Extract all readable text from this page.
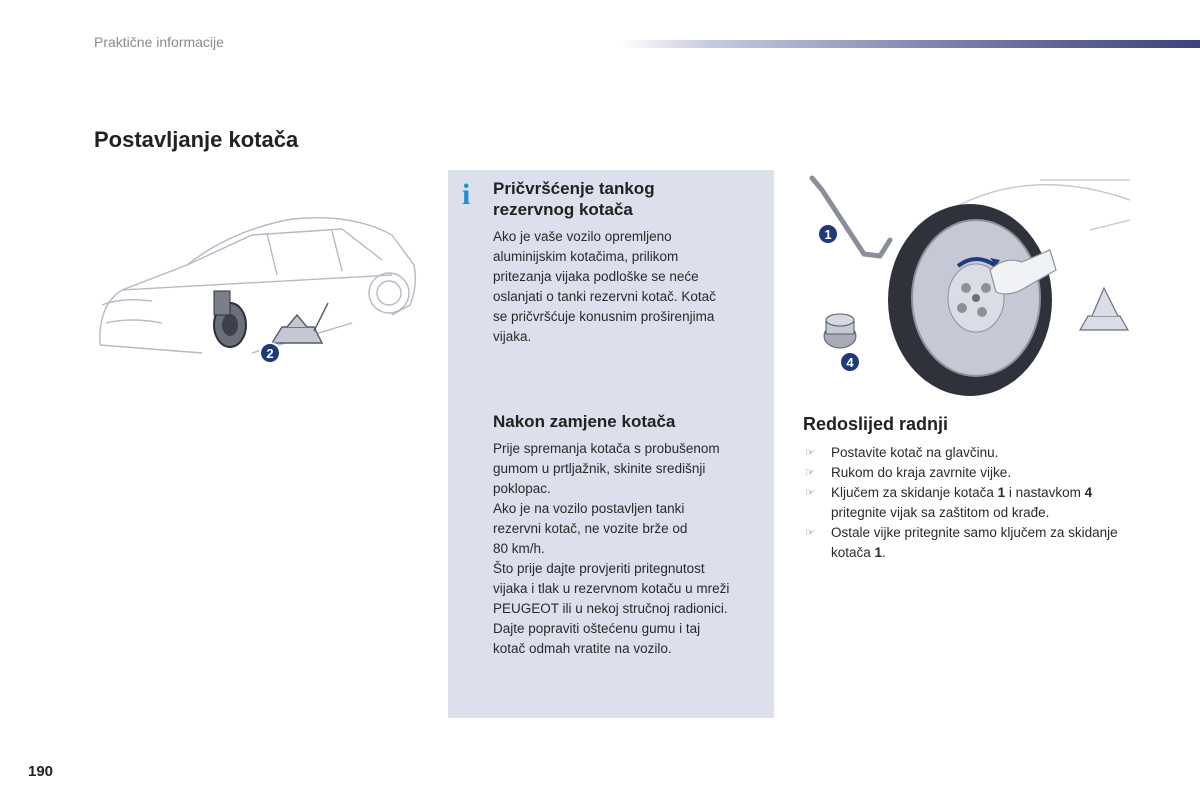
Praktične informacije
Postavljanje kotača
2
i Pričvršćenje tankog
rezervnog kotača

Ako je vaše vozilo opremljeno

aluminijskim kotačima, prilikom

pritezanja vijaka podloške se neće

oslanjati o tanki rezervni kotač. Kotač

se pričvršćuje konusnim proširenjima

vijaka.

Nakon zamjene kotača

Prije spremanja kotača s probušenom

gumom u prtljažnik, skinite središnji

poklopac.

Ako je na vozilo postavljen tanki

rezervni kotač, ne vozite brže od

80 km/h.

Što prije dajte provjeriti pritegnutost

vijaka i tlak u rezervnom kotaču u mreži

PEUGEOT ili u nekoj stručnoj radionici.

Dajte popraviti oštećenu gumu i taj

kotač odmah vratite na vozilo.

1
4
Redoslijed radnji
☞ Postavite kotač na glavčinu.
☞ Rukom do kraja zavrnite vijke.
☞ Ključem za skidanje kotača 1 i nastavkom 4 pritegnite vijak sa zaštitom od krađe.
☞ Ostale vijke pritegnite samo ključem za skidanje kotača 1.
190
